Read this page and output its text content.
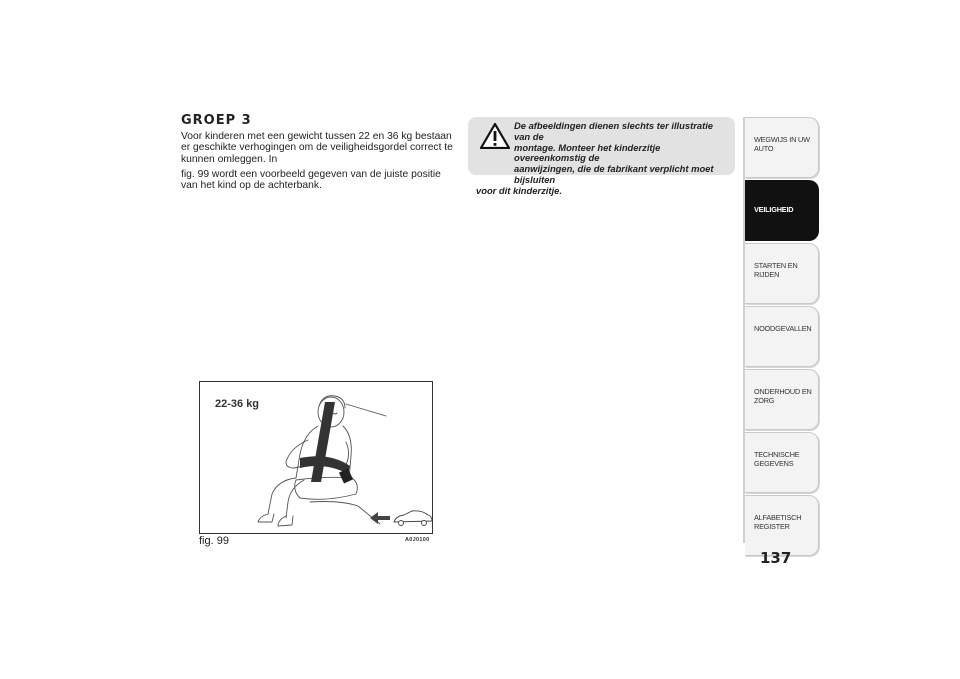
GROEP 3

Voor kinderen met een gewicht tussen 22 en 36 kg bestaan er geschikte verhogingen om de veiligheidsgordel correct te kunnen omleggen. In

fig. 99 wordt een voorbeeld gegeven van de juiste positie van het kind op de achterbank.

De afbeeldingen dienen slechts ter illustratie van de
montage. Monteer het kinderzitje overeenkomstig de
aanwijzingen, die de fabrikant verplicht moet bijsluiten
voor dit kinderzitje.
22-36 kg
fig. 99	A0J0100
WEGWIJS IN UW AUTO
VEILIGHEID
STARTEN EN RIJDEN
NOODGEVALLEN
ONDERHOUD EN ZORG
TECHNISCHE GEGEVENS
ALFABETISCH REGISTER
137
